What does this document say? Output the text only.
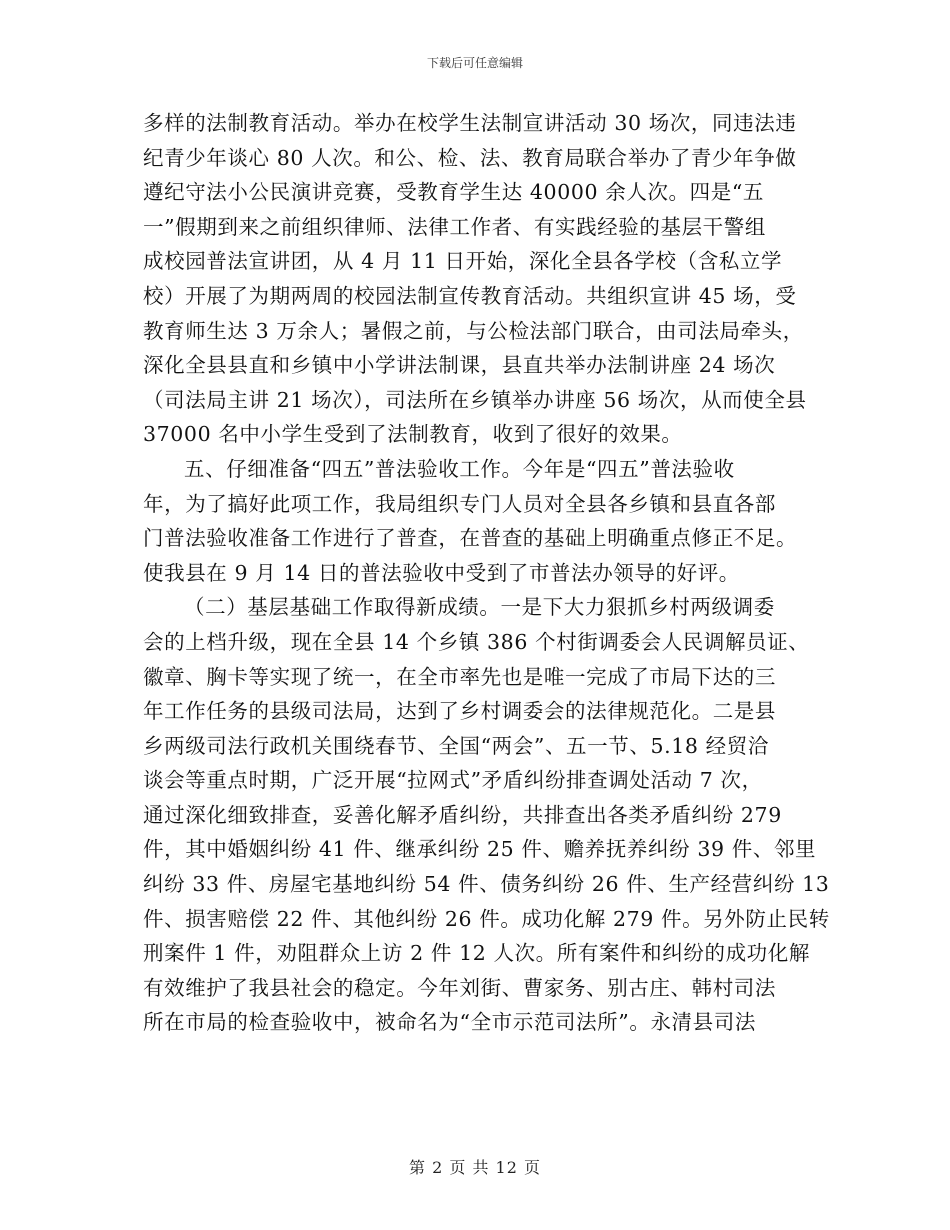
下载后可任意编辑
多样的法制教育活动。举办在校学生法制宣讲活动 30 场次，同违法违
纪青少年谈心 80 人次。和公、检、法、教育局联合举办了青少年争做
遵纪守法小公民演讲竞赛，受教育学生达 40000 余人次。四是“五
一”假期到来之前组织律师、法律工作者、有实践经验的基层干警组
成校园普法宣讲团，从 4 月 11 日开始，深化全县各学校（含私立学
校）开展了为期两周的校园法制宣传教育活动。共组织宣讲 45 场，受
教育师生达 3 万余人；暑假之前，与公检法部门联合，由司法局牵头，
深化全县县直和乡镇中小学讲法制课，县直共举办法制讲座 24 场次
（司法局主讲 21 场次），司法所在乡镇举办讲座 56 场次，从而使全县
37000 名中小学生受到了法制教育，收到了很好的效果。
五、仔细准备“四五”普法验收工作。今年是“四五”普法验收
年，为了搞好此项工作，我局组织专门人员对全县各乡镇和县直各部
门普法验收准备工作进行了普查，在普查的基础上明确重点修正不足。
使我县在 9 月 14 日的普法验收中受到了市普法办领导的好评。
（二）基层基础工作取得新成绩。一是下大力狠抓乡村两级调委
会的上档升级，现在全县 14 个乡镇 386 个村街调委会人民调解员证、
徽章、胸卡等实现了统一，在全市率先也是唯一完成了市局下达的三
年工作任务的县级司法局，达到了乡村调委会的法律规范化。二是县
乡两级司法行政机关围绕春节、全国“两会”、五一节、5.18 经贸洽
谈会等重点时期，广泛开展“拉网式”矛盾纠纷排查调处活动 7 次，
通过深化细致排查，妥善化解矛盾纠纷，共排查出各类矛盾纠纷 279
件，其中婚姻纠纷 41 件、继承纠纷 25 件、赡养抚养纠纷 39 件、邻里
纠纷 33 件、房屋宅基地纠纷 54 件、债务纠纷 26 件、生产经营纠纷 13
件、损害赔偿 22 件、其他纠纷 26 件。成功化解 279 件。另外防止民转
刑案件 1 件，劝阻群众上访 2 件 12 人次。所有案件和纠纷的成功化解
有效维护了我县社会的稳定。今年刘街、曹家务、别古庄、韩村司法
所在市局的检查验收中，被命名为“全市示范司法所”。永清县司法
第 2 页 共 12 页
